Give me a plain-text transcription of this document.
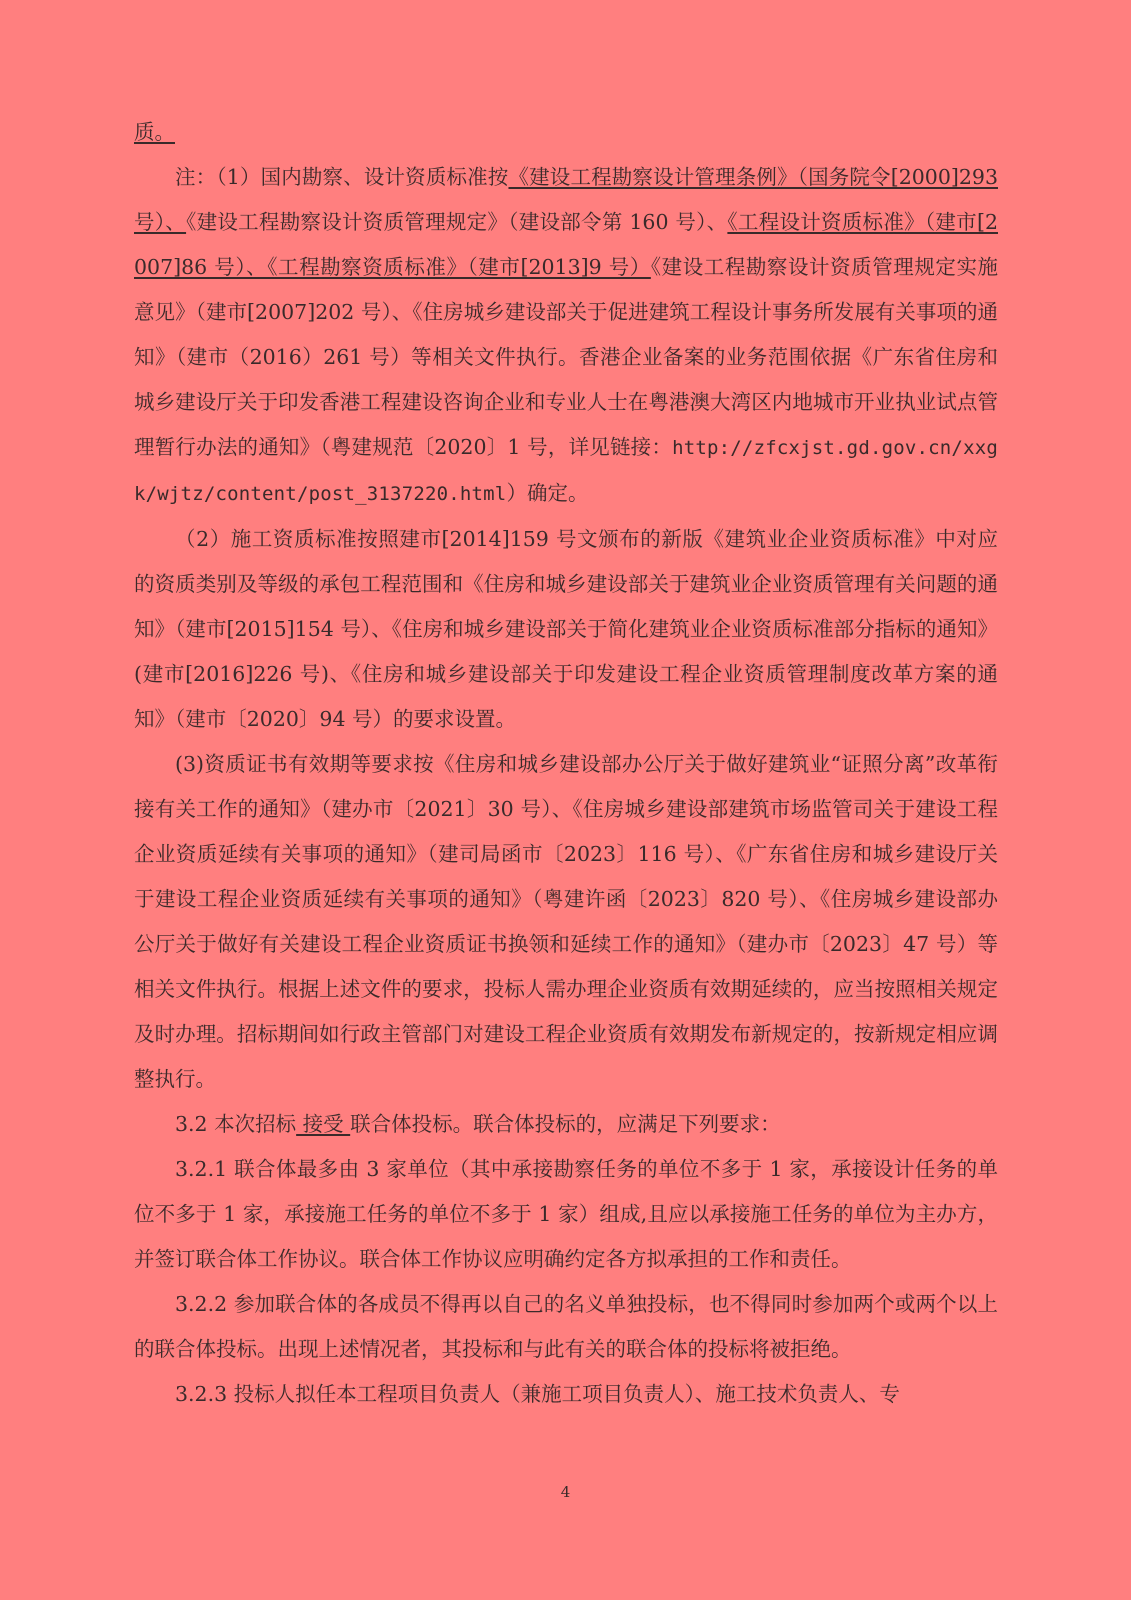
质。

注：（1）国内勘察、设计资质标准按《建设工程勘察设计管理条例》（国务院令[2000]293 号）、《建设工程勘察设计资质管理规定》（建设部令第 160 号）、《工程设计资质标准》（建市[2007]86 号）、《工程勘察资质标准》（建市[2013]9 号）《建设工程勘察设计资质管理规定实施意见》（建市[2007]202 号）、《住房城乡建设部关于促进建筑工程设计事务所发展有关事项的通知》（建市（2016）261 号）等相关文件执行。香港企业备案的业务范围依据《广东省住房和城乡建设厅关于印发香港工程建设咨询企业和专业人士在粤港澳大湾区内地城市开业执业试点管理暂行办法的通知》（粤建规范〔2020〕1 号，详见链接：http://zfcxjst.gd.gov.cn/xxgk/wjtz/content/post_3137220.html）确定。

（2）施工资质标准按照建市[2014]159 号文颁布的新版《建筑业企业资质标准》中对应的资质类别及等级的承包工程范围和《住房和城乡建设部关于建筑业企业资质管理有关问题的通知》（建市[2015]154 号）、《住房和城乡建设部关于简化建筑业企业资质标准部分指标的通知》(建市[2016]226 号)、《住房和城乡建设部关于印发建设工程企业资质管理制度改革方案的通知》（建市〔2020〕94 号）的要求设置。

(3)资质证书有效期等要求按《住房和城乡建设部办公厅关于做好建筑业“证照分离”改革衔接有关工作的通知》（建办市〔2021〕30 号）、《住房城乡建设部建筑市场监管司关于建设工程企业资质延续有关事项的通知》（建司局函市〔2023〕116 号）、《广东省住房和城乡建设厅关于建设工程企业资质延续有关事项的通知》（粤建许函〔2023〕820 号）、《住房城乡建设部办公厅关于做好有关建设工程企业资质证书换领和延续工作的通知》（建办市〔2023〕47 号）等相关文件执行。根据上述文件的要求，投标人需办理企业资质有效期延续的，应当按照相关规定及时办理。招标期间如行政主管部门对建设工程企业资质有效期发布新规定的，按新规定相应调整执行。

3.2 本次招标 接受 联合体投标。联合体投标的，应满足下列要求：

3.2.1 联合体最多由 3 家单位（其中承接勘察任务的单位不多于 1 家，承接设计任务的单位不多于 1 家，承接施工任务的单位不多于 1 家）组成,且应以承接施工任务的单位为主办方，并签订联合体工作协议。联合体工作协议应明确约定各方拟承担的工作和责任。

3.2.2 参加联合体的各成员不得再以自己的名义单独投标，也不得同时参加两个或两个以上的联合体投标。出现上述情况者，其投标和与此有关的联合体的投标将被拒绝。

3.2.3 投标人拟任本工程项目负责人（兼施工项目负责人）、施工技术负责人、专

4
